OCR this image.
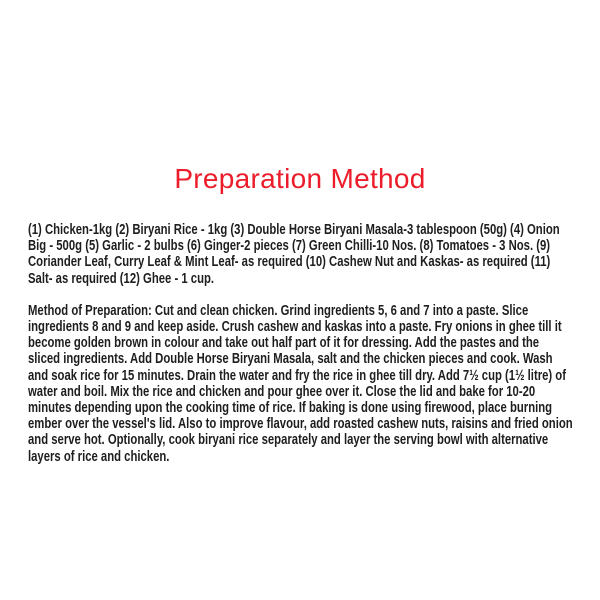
Preparation Method

(1) Chicken-1kg (2) Biryani Rice - 1kg (3) Double Horse Biryani Masala-3 tablespoon (50g) (4) Onion Big - 500g (5) Garlic - 2 bulbs (6) Ginger-2 pieces (7) Green Chilli-10 Nos. (8) Tomatoes - 3 Nos. (9) Coriander Leaf, Curry Leaf & Mint Leaf- as required (10) Cashew Nut and Kaskas- as required (11) Salt- as required (12) Ghee - 1 cup.

Method of Preparation: Cut and clean chicken. Grind ingredients 5, 6 and 7 into a paste. Slice ingredients 8 and 9 and keep aside. Crush cashew and kaskas into a paste. Fry onions in ghee till it become golden brown in colour and take out half part of it for dressing. Add the pastes and the sliced ingredients. Add Double Horse Biryani Masala, salt and the chicken pieces and cook. Wash and soak rice for 15 minutes. Drain the water and fry the rice in ghee till dry. Add 7½ cup (1½ litre) of water and boil. Mix the rice and chicken and pour ghee over it. Close the lid and bake for 10-20 minutes depending upon the cooking time of rice. If baking is done using firewood, place burning ember over the vessel's lid. Also to improve flavour, add roasted cashew nuts, raisins and fried onion and serve hot. Optionally, cook biryani rice separately and layer the serving bowl with alternative layers of rice and chicken.
